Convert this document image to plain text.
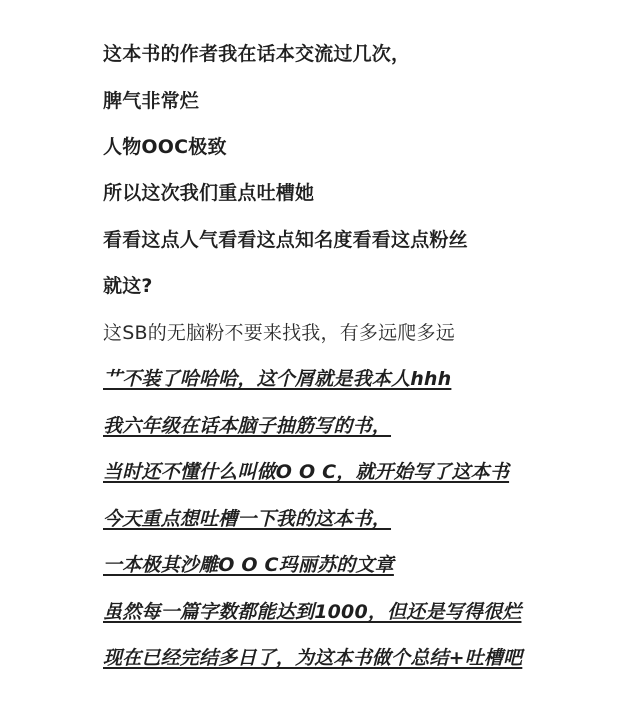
这本书的作者我在话本交流过几次，
脾气非常烂
人物OOC极致
所以这次我们重点吐槽她
看看这点人气看看这点知名度看看这点粉丝
就这?
这SB的无脑粉不要来找我，有多远爬多远
艹不装了哈哈哈，这个屑就是我本人hhh
我六年级在话本脑子抽筋写的书，
当时还不懂什么叫做O O C，就开始写了这本书
今天重点想吐槽一下我的这本书，
一本极其沙雕O O C玛丽苏的文章
虽然每一篇字数都能达到1000，但还是写得很烂
现在已经完结多日了，为这本书做个总结+吐槽吧
